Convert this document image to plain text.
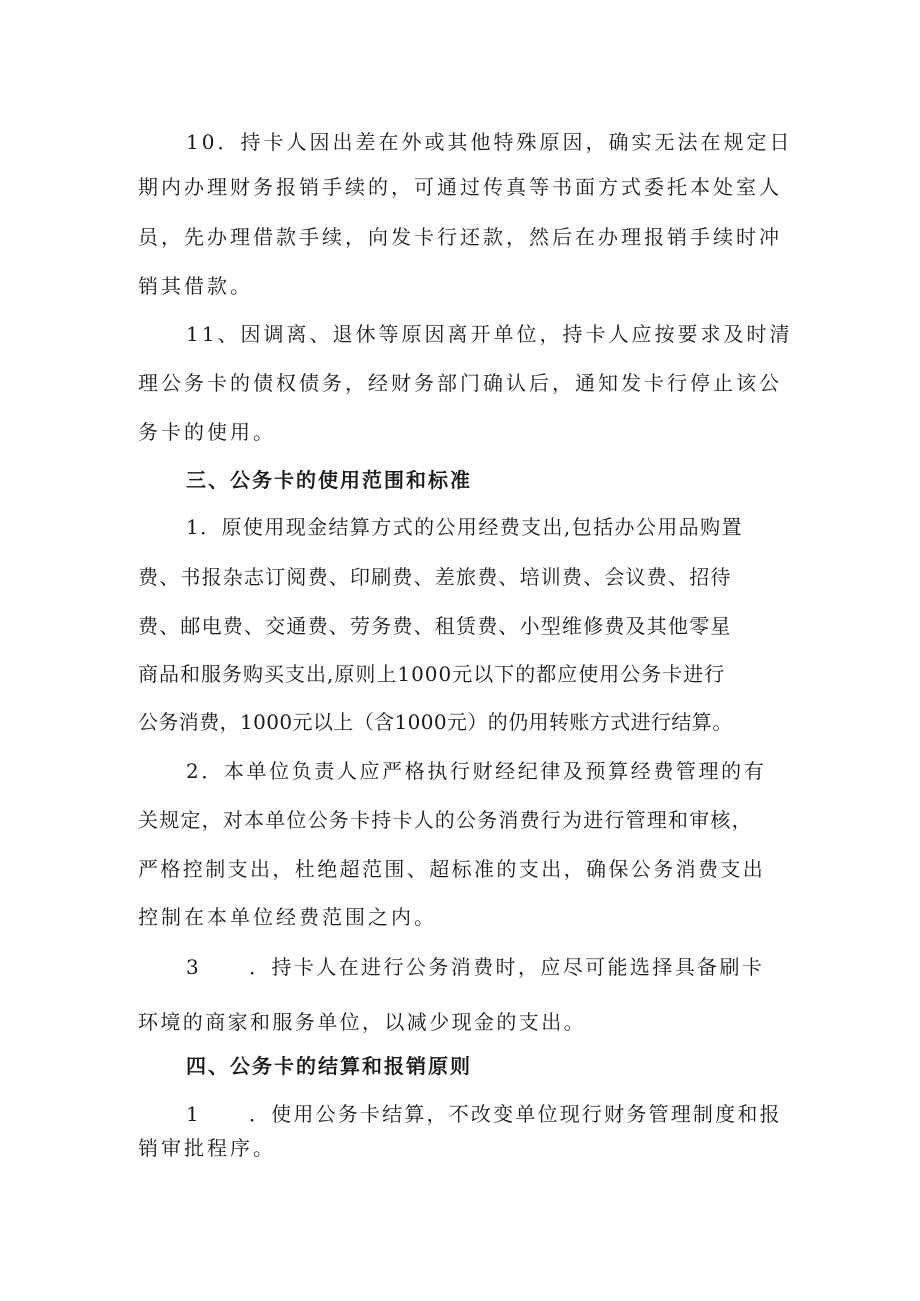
10．持卡人因出差在外或其他特殊原因，确实无法在规定日
期内办理财务报销手续的，可通过传真等书面方式委托本处室人
员，先办理借款手续，向发卡行还款，然后在办理报销手续时冲
销其借款。
11、因调离、退休等原因离开单位，持卡人应按要求及时清
理公务卡的债权债务，经财务部门确认后，通知发卡行停止该公
务卡的使用。
三、公务卡的使用范围和标准
1．原使用现金结算方式的公用经费支出,包括办公用品购置
费、书报杂志订阅费、印刷费、差旅费、培训费、会议费、招待
费、邮电费、交通费、劳务费、租赁费、小型维修费及其他零星
商品和服务购买支出,原则上1000元以下的都应使用公务卡进行
公务消费，1000元以上（含1000元）的仍用转账方式进行结算。
2．本单位负责人应严格执行财经纪律及预算经费管理的有
关规定，对本单位公务卡持卡人的公务消费行为进行管理和审核，
严格控制支出，杜绝超范围、超标准的支出，确保公务消费支出
控制在本单位经费范围之内。
3 ．持卡人在进行公务消费时，应尽可能选择具备刷卡
环境的商家和服务单位，以减少现金的支出。
四、公务卡的结算和报销原则
1 ．使用公务卡结算，不改变单位现行财务管理制度和报
销审批程序。
